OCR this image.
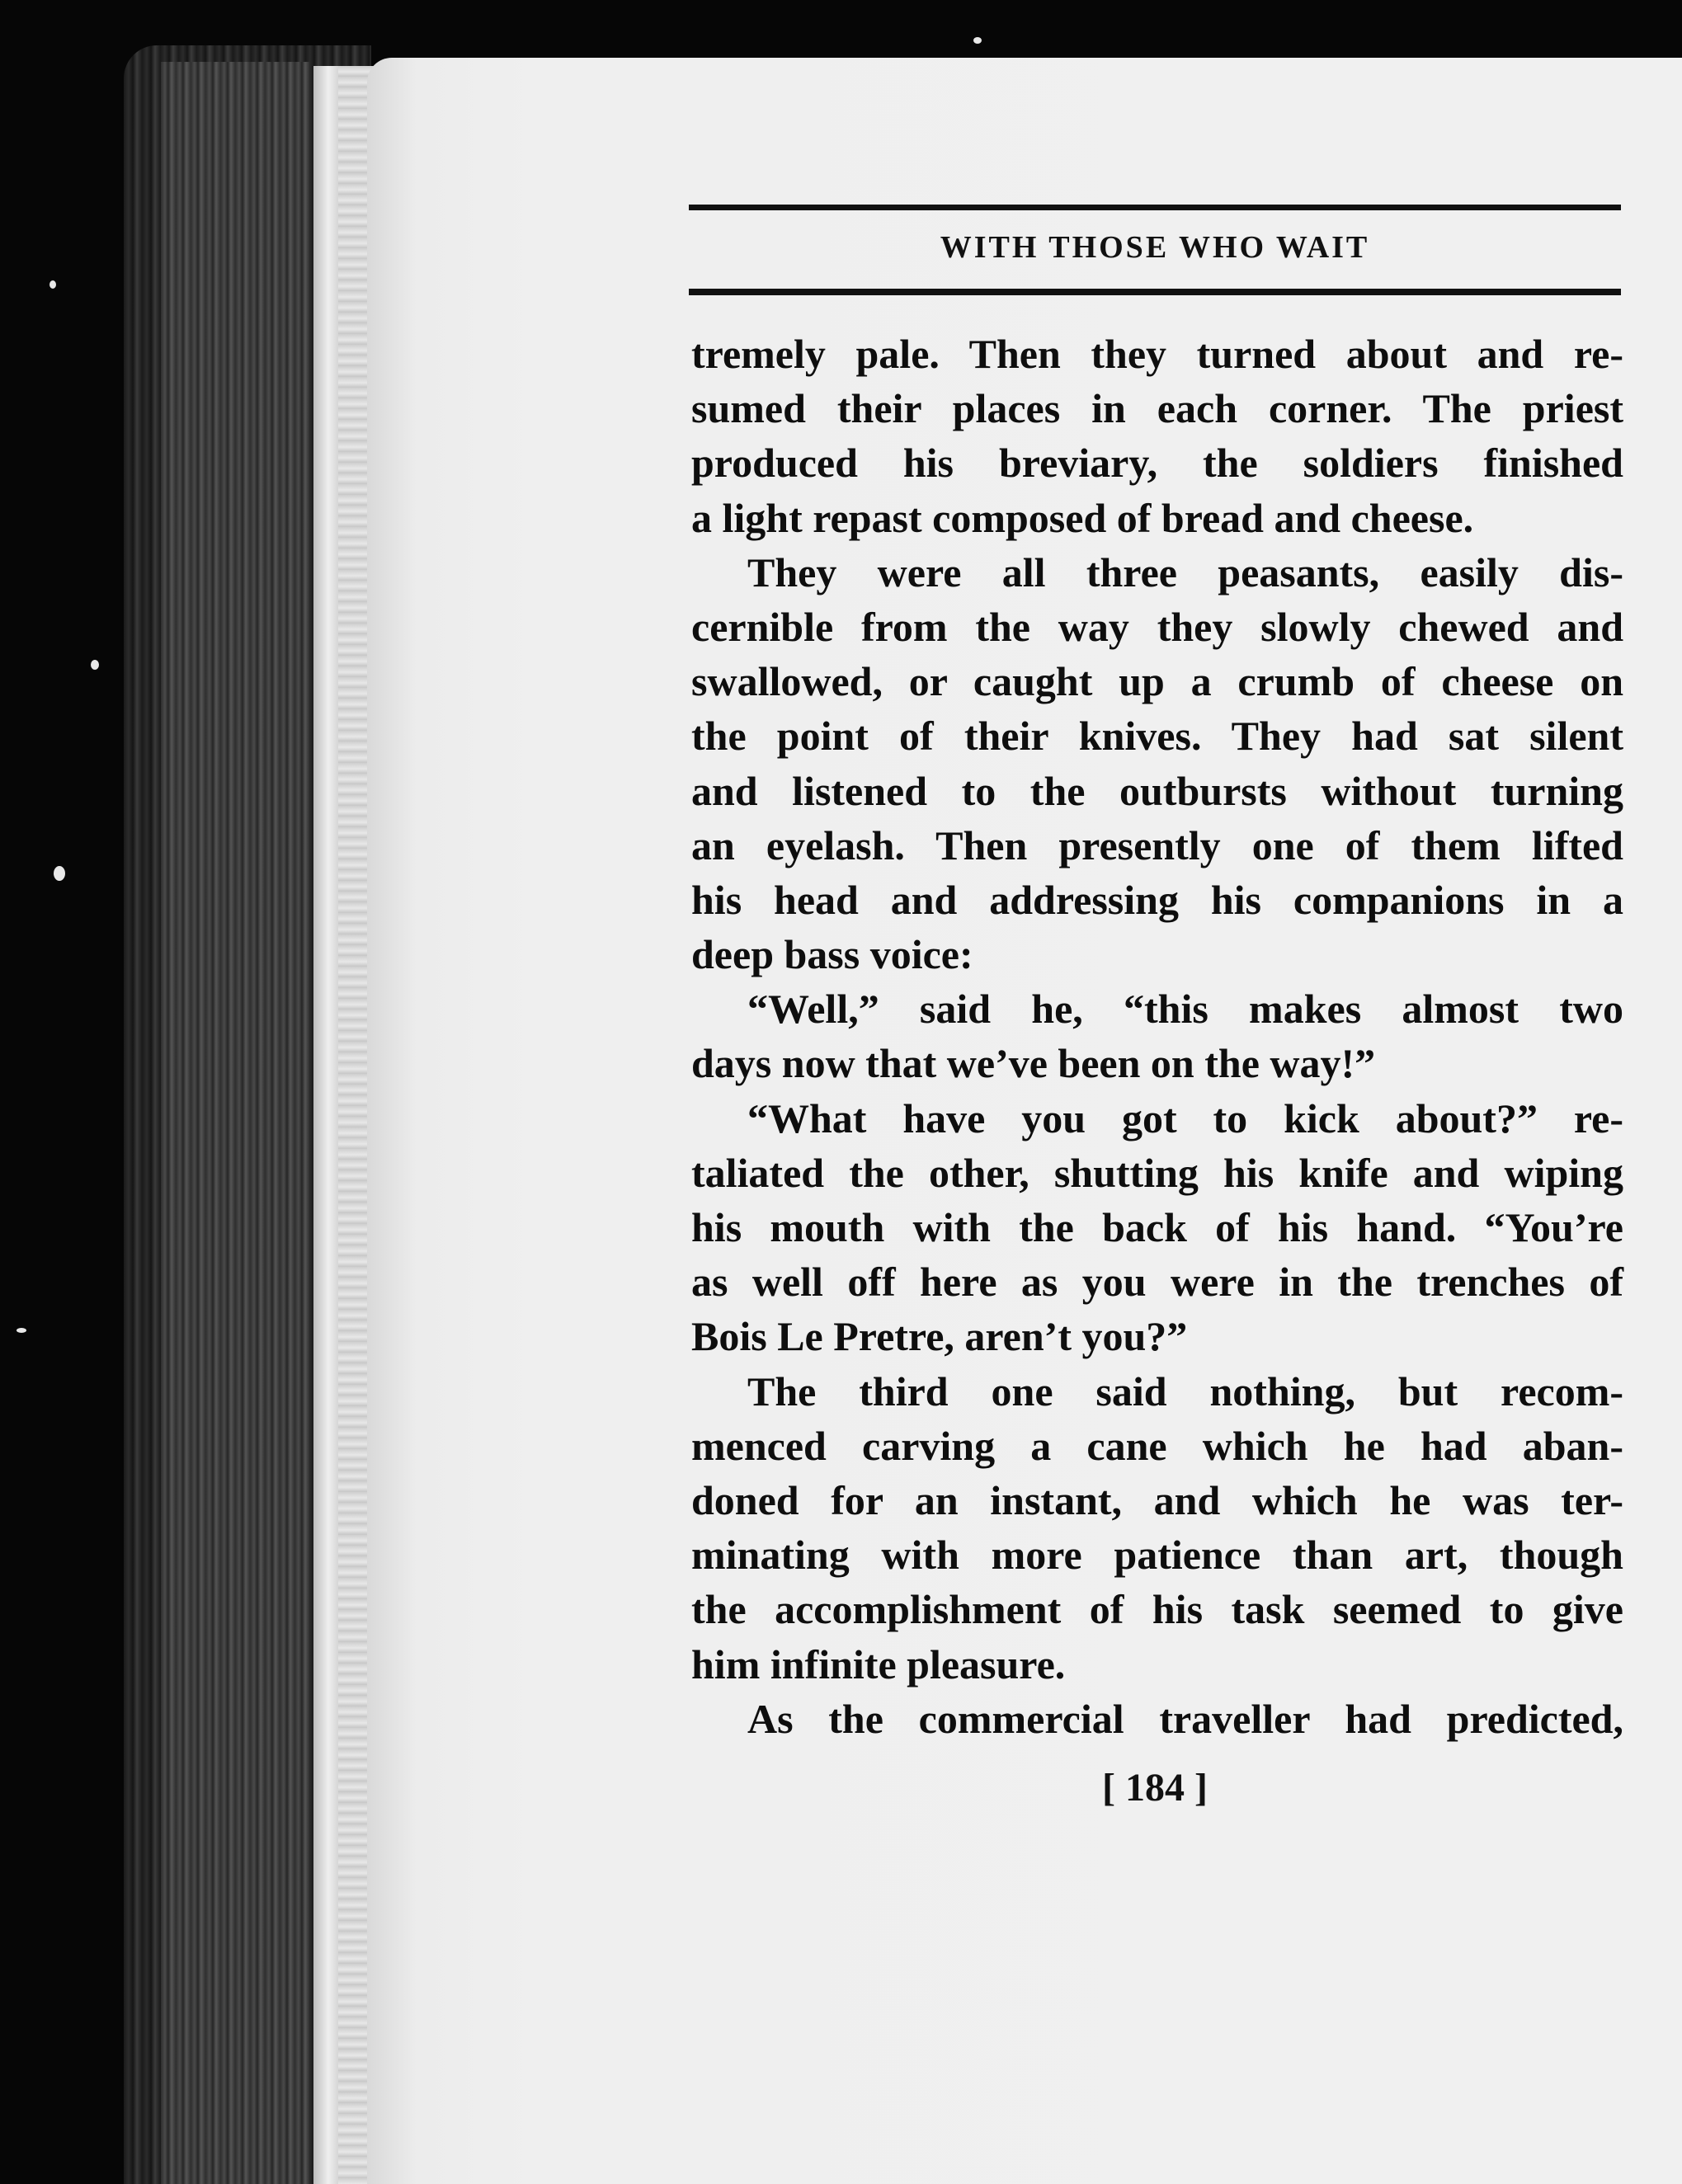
WITH THOSE WHO WAIT
tremely pale. Then they turned about and re-
sumed their places in each corner. The priest
produced his breviary, the soldiers finished
a light repast composed of bread and cheese.
They were all three peasants, easily dis-
cernible from the way they slowly chewed and
swallowed, or caught up a crumb of cheese on
the point of their knives. They had sat silent
and listened to the outbursts without turning
an eyelash. Then presently one of them lifted
his head and addressing his companions in a
deep bass voice:
“Well,” said he, “this makes almost two
days now that we’ve been on the way!”
“What have you got to kick about?” re-
taliated the other, shutting his knife and wiping
his mouth with the back of his hand. “You’re
as well off here as you were in the trenches of
Bois Le Pretre, aren’t you?”
The third one said nothing, but recom-
menced carving a cane which he had aban-
doned for an instant, and which he was ter-
minating with more patience than art, though
the accomplishment of his task seemed to give
him infinite pleasure.
As the commercial traveller had predicted,
[ 184 ]
